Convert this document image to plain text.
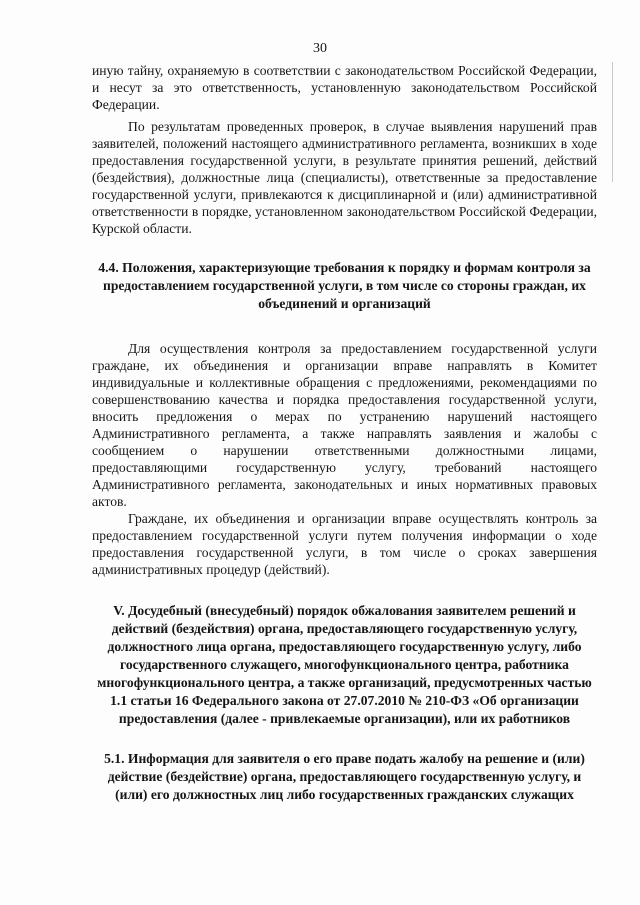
30

иную тайну, охраняемую в соответствии с законодательством Российской Федерации, и несут за это ответственность, установленную законодательством Российской Федерации.

По результатам проведенных проверок, в случае выявления нарушений прав заявителей, положений настоящего административного регламента, возникших в ходе предоставления государственной услуги, в результате принятия решений, действий (бездействия), должностные лица (специалисты), ответственные за предоставление государственной услуги, привлекаются к дисциплинарной и (или) административной ответственности в порядке, установленном законодательством Российской Федерации, Курской области.

4.4. Положения, характеризующие требования к порядку и формам контроля за предоставлением государственной услуги, в том числе со стороны граждан, их объединений и организаций

Для осуществления контроля за предоставлением государственной услуги граждане, их объединения и организации вправе направлять в Комитет индивидуальные и коллективные обращения с предложениями, рекомендациями по совершенствованию качества и порядка предоставления государственной услуги, вносить предложения о мерах по устранению нарушений настоящего Административного регламента, а также направлять заявления и жалобы с сообщением о нарушении ответственными должностными лицами, предоставляющими государственную услугу, требований настоящего Административного регламента, законодательных и иных нормативных правовых актов.

Граждане, их объединения и организации вправе осуществлять контроль за предоставлением государственной услуги путем получения информации о ходе предоставления государственной услуги, в том числе о сроках завершения административных процедур (действий).

V. Досудебный (внесудебный) порядок обжалования заявителем решений и действий (бездействия) органа, предоставляющего государственную услугу, должностного лица органа, предоставляющего государственную услугу, либо государственного служащего, многофункционального центра, работника многофункционального центра, а также организаций, предусмотренных частью 1.1 статьи 16 Федерального закона от 27.07.2010 № 210-ФЗ «Об организации предоставления (далее - привлекаемые организации), или их работников
5.1. Информация для заявителя о его праве подать жалобу на решение и (или) действие (бездействие) органа, предоставляющего государственную услугу, и (или) его должностных лиц либо государственных гражданских служащих
